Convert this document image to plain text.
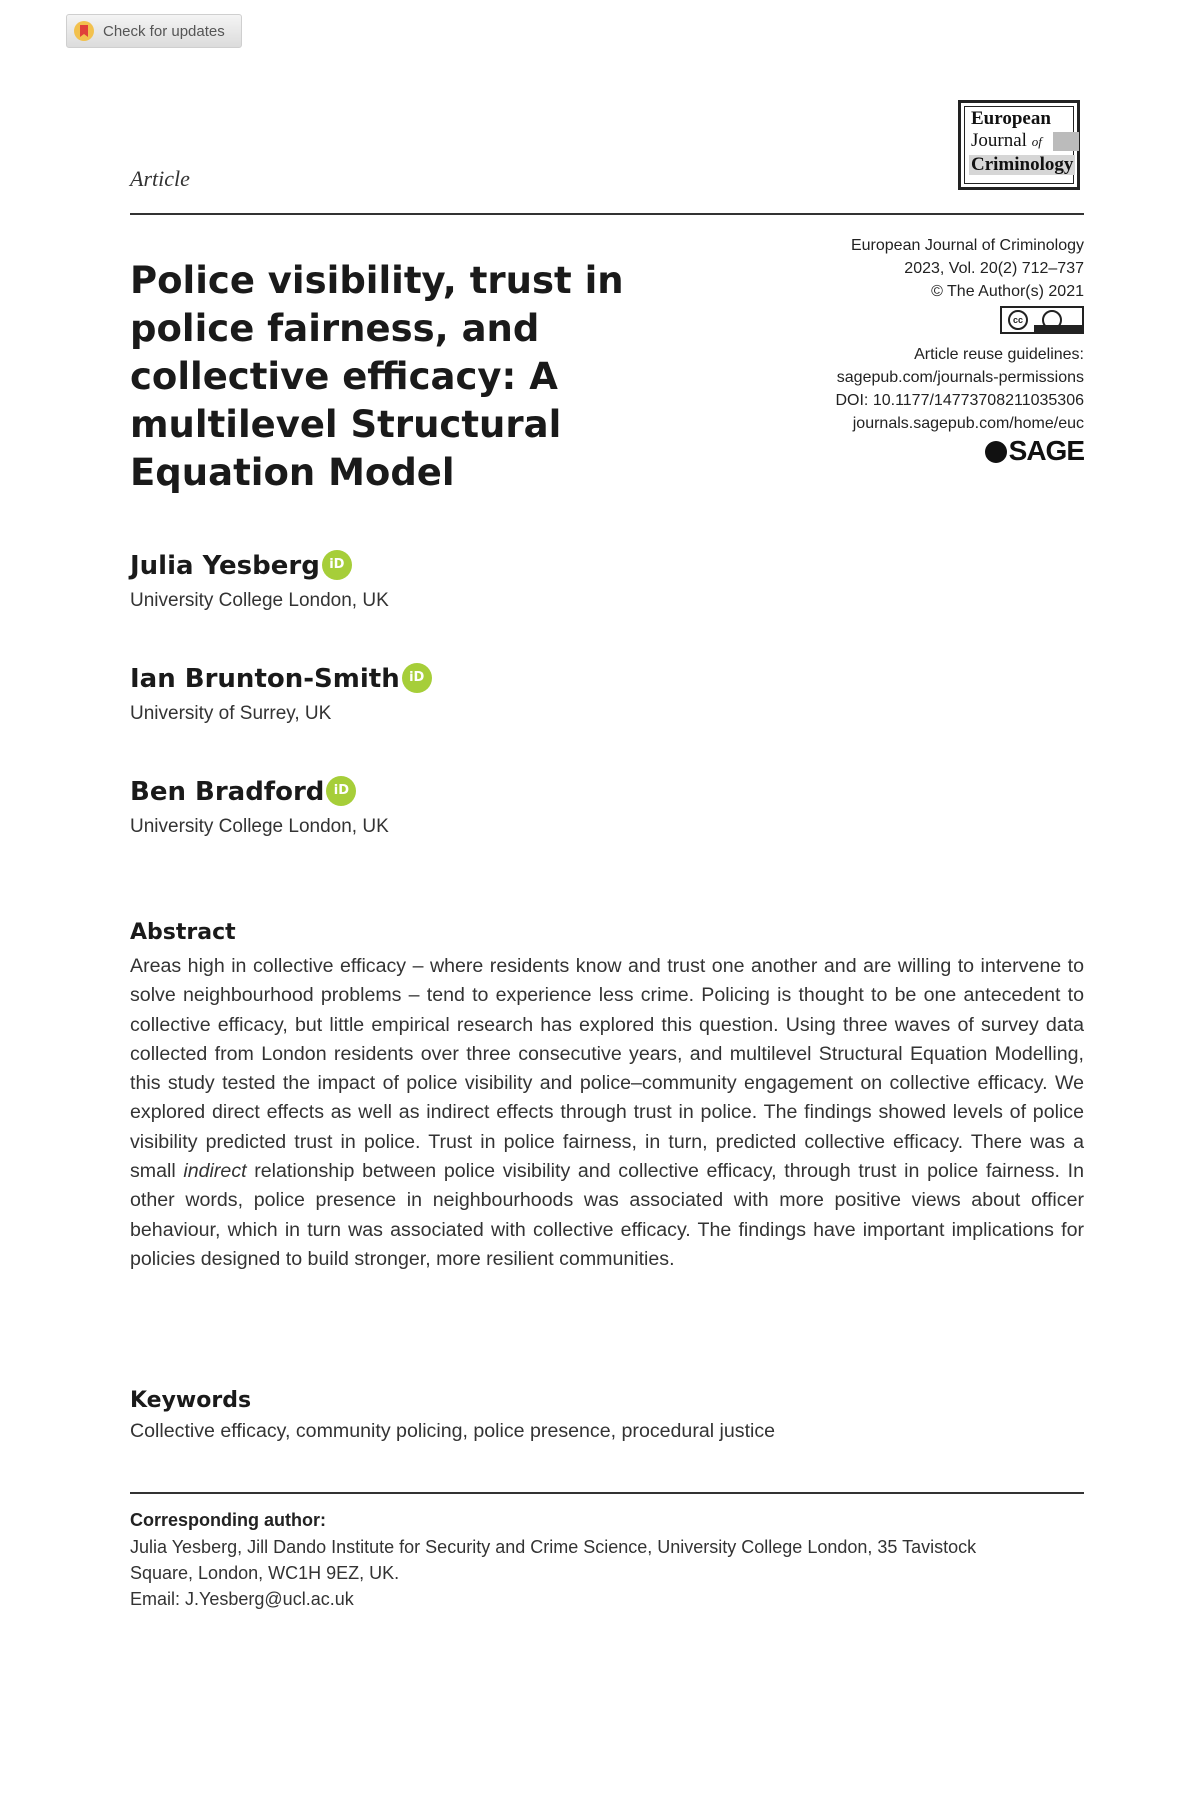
Check for updates
Article
European
Journal of
Criminology
Police visibility, trust in police fairness, and collective efficacy: A multilevel Structural Equation Model
European Journal of Criminology
2023, Vol. 20(2) 712–737
© The Author(s) 2021
cc
Article reuse guidelines:
sagepub.com/journals-permissions
DOI: 10.1177/14773708211035306
journals.sagepub.com/home/euc
SAGE
Julia Yesberg iD
University College London, UK
Ian Brunton-Smith iD
University of Surrey, UK
Ben Bradford iD
University College London, UK
Abstract
Areas high in collective efficacy – where residents know and trust one another and are willing to intervene to solve neighbourhood problems – tend to experience less crime. Policing is thought to be one antecedent to collective efficacy, but little empirical research has explored this question. Using three waves of survey data collected from London residents over three consecutive years, and multilevel Structural Equation Modelling, this study tested the impact of police visibility and police–community engagement on collective efficacy. We explored direct effects as well as indirect effects through trust in police. The findings showed levels of police visibility predicted trust in police. Trust in police fairness, in turn, predicted collective efficacy. There was a small indirect relationship between police visibility and collective efficacy, through trust in police fairness. In other words, police presence in neighbourhoods was associated with more positive views about officer behaviour, which in turn was associated with collective efficacy. The findings have important implications for policies designed to build stronger, more resilient communities.
Keywords
Collective efficacy, community policing, police presence, procedural justice
Corresponding author:
Julia Yesberg, Jill Dando Institute for Security and Crime Science, University College London, 35 Tavistock
Square, London, WC1H 9EZ, UK.
Email: J.Yesberg@ucl.ac.uk
